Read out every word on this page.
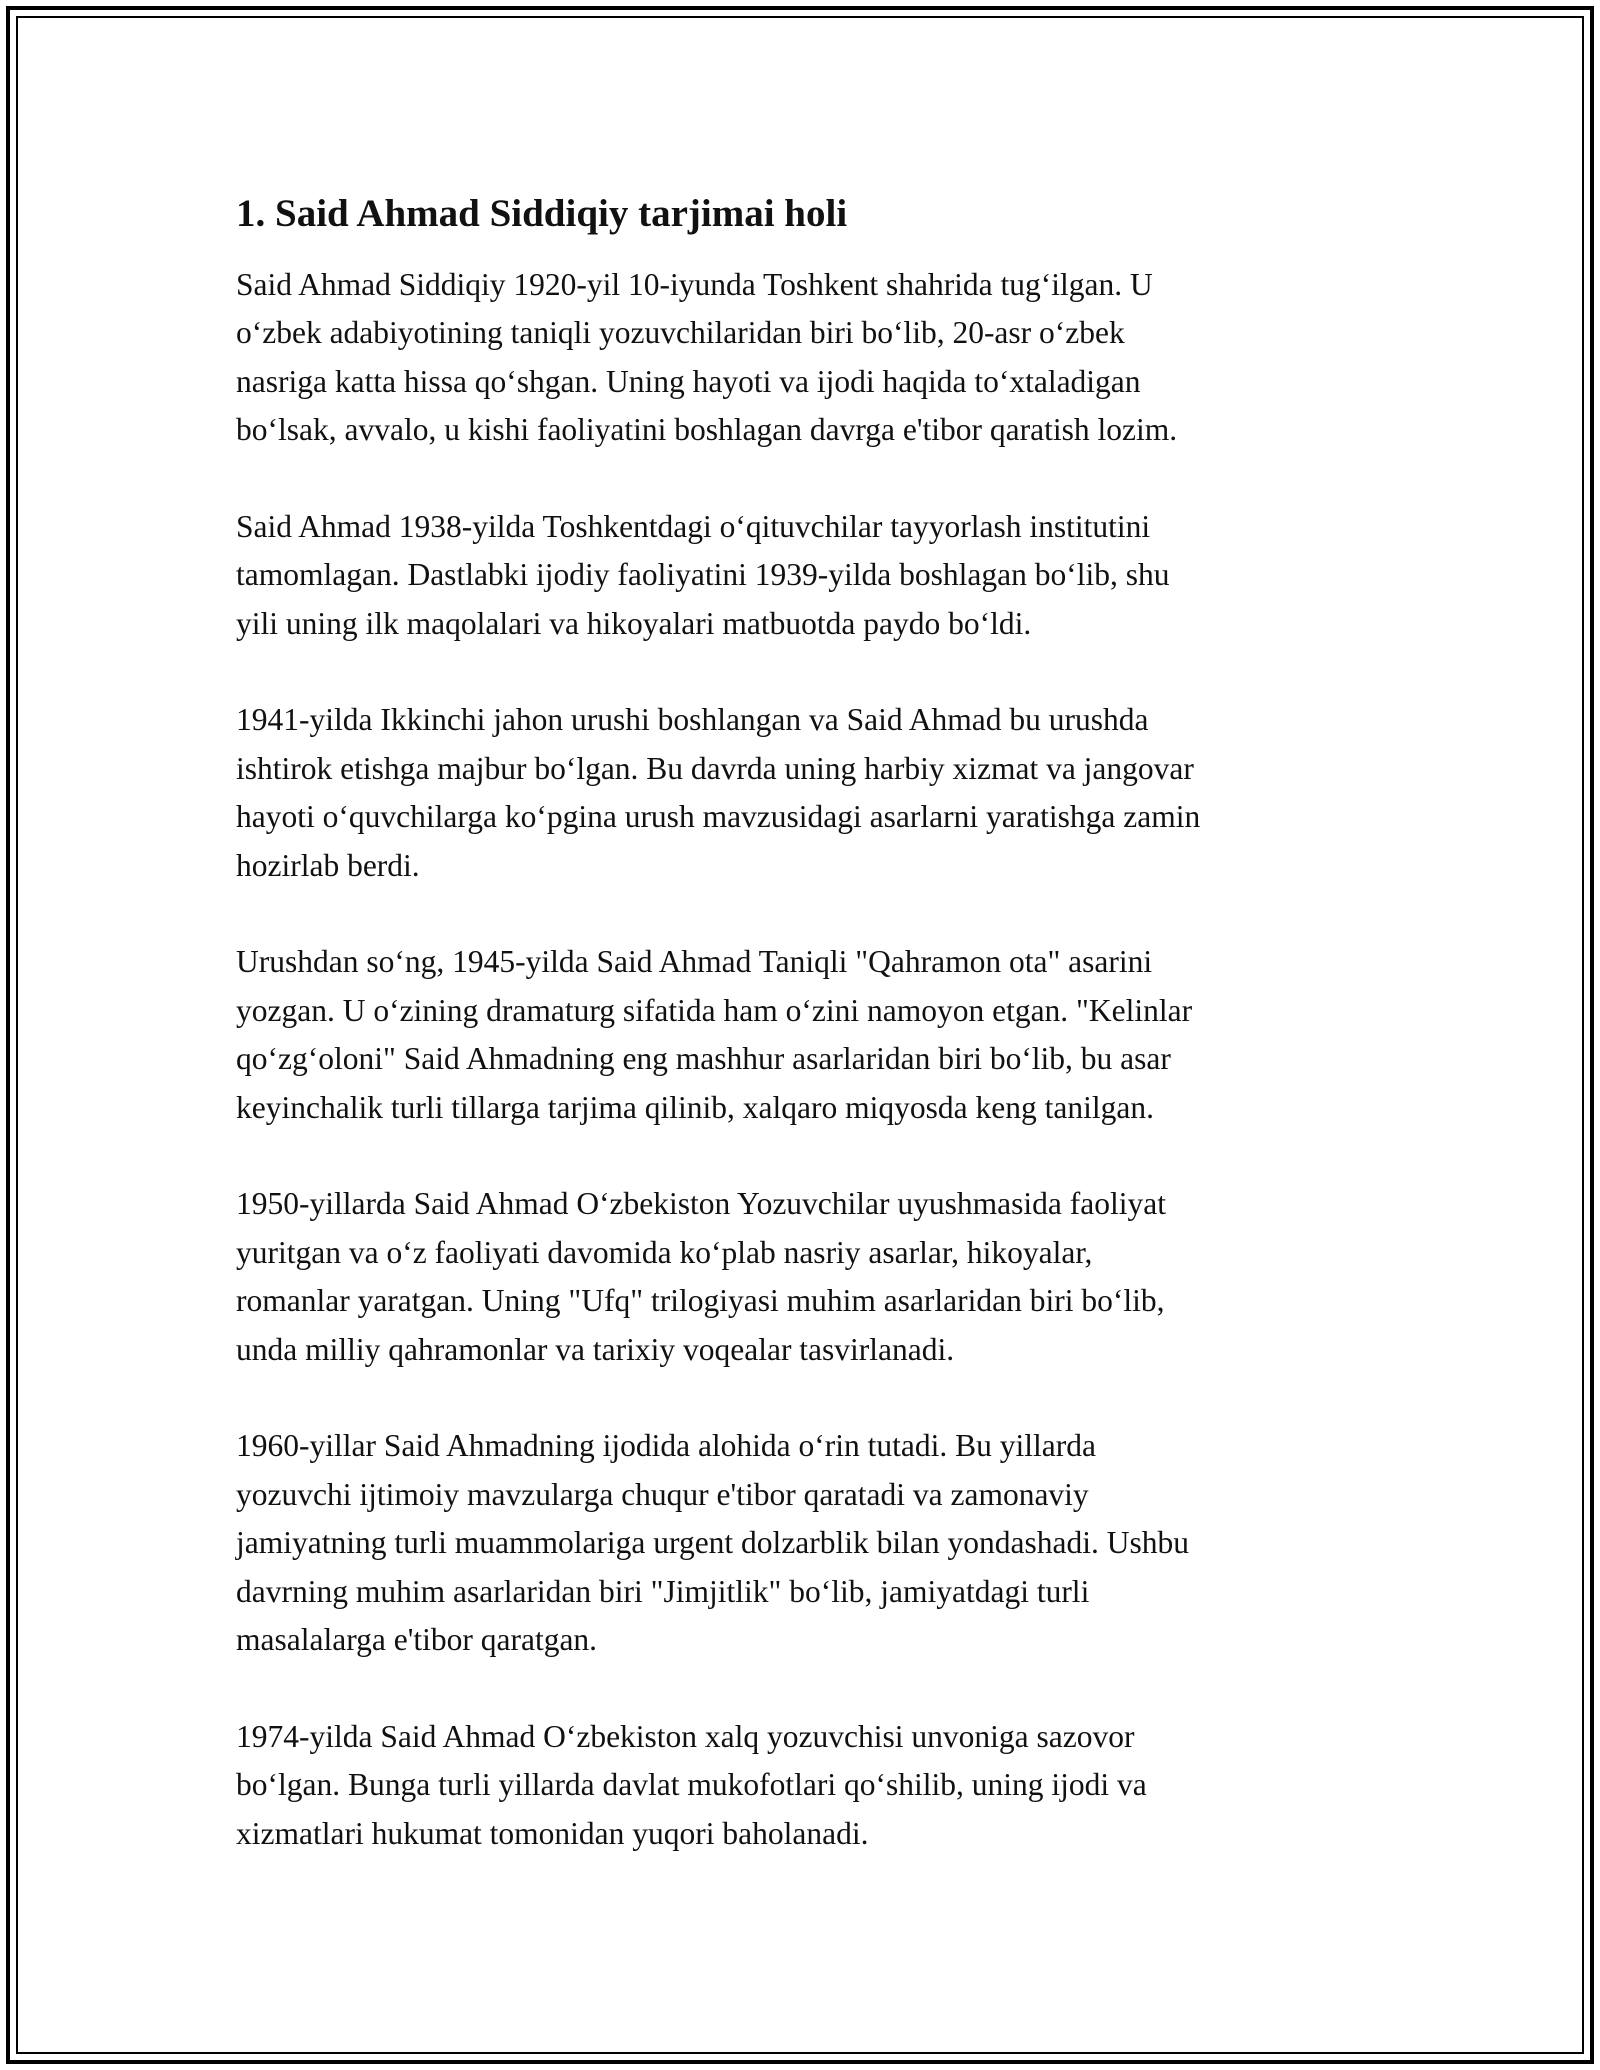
1. Said Ahmad Siddiqiy tarjimai holi
Said Ahmad Siddiqiy 1920-yil 10-iyunda Toshkent shahrida tugʻilgan. U
oʻzbek adabiyotining taniqli yozuvchilaridan biri boʻlib, 20-asr oʻzbek
nasriga katta hissa qoʻshgan. Uning hayoti va ijodi haqida toʻxtaladigan
boʻlsak, avvalo, u kishi faoliyatini boshlagan davrga e'tibor qaratish lozim.
Said Ahmad 1938-yilda Toshkentdagi oʻqituvchilar tayyorlash institutini
tamomlagan. Dastlabki ijodiy faoliyatini 1939-yilda boshlagan boʻlib, shu
yili uning ilk maqolalari va hikoyalari matbuotda paydo boʻldi.
1941-yilda Ikkinchi jahon urushi boshlangan va Said Ahmad bu urushda
ishtirok etishga majbur boʻlgan. Bu davrda uning harbiy xizmat va jangovar
hayoti oʻquvchilarga koʻpgina urush mavzusidagi asarlarni yaratishga zamin
hozirlab berdi.
Urushdan soʻng, 1945-yilda Said Ahmad Taniqli "Qahramon ota" asarini
yozgan. U oʻzining dramaturg sifatida ham oʻzini namoyon etgan. "Kelinlar
qoʻzgʻoloni" Said Ahmadning eng mashhur asarlaridan biri boʻlib, bu asar
keyinchalik turli tillarga tarjima qilinib, xalqaro miqyosda keng tanilgan.
1950-yillarda Said Ahmad Oʻzbekiston Yozuvchilar uyushmasida faoliyat
yuritgan va oʻz faoliyati davomida koʻplab nasriy asarlar, hikoyalar,
romanlar yaratgan. Uning "Ufq" trilogiyasi muhim asarlaridan biri boʻlib,
unda milliy qahramonlar va tarixiy voqealar tasvirlanadi.
1960-yillar Said Ahmadning ijodida alohida oʻrin tutadi. Bu yillarda
yozuvchi ijtimoiy mavzularga chuqur e'tibor qaratadi va zamonaviy
jamiyatning turli muammolariga urgent dolzarblik bilan yondashadi. Ushbu
davrning muhim asarlaridan biri "Jimjitlik" boʻlib, jamiyatdagi turli
masalalarga e'tibor qaratgan.
1974-yilda Said Ahmad Oʻzbekiston xalq yozuvchisi unvoniga sazovor
boʻlgan. Bunga turli yillarda davlat mukofotlari qoʻshilib, uning ijodi va
xizmatlari hukumat tomonidan yuqori baholanadi.
